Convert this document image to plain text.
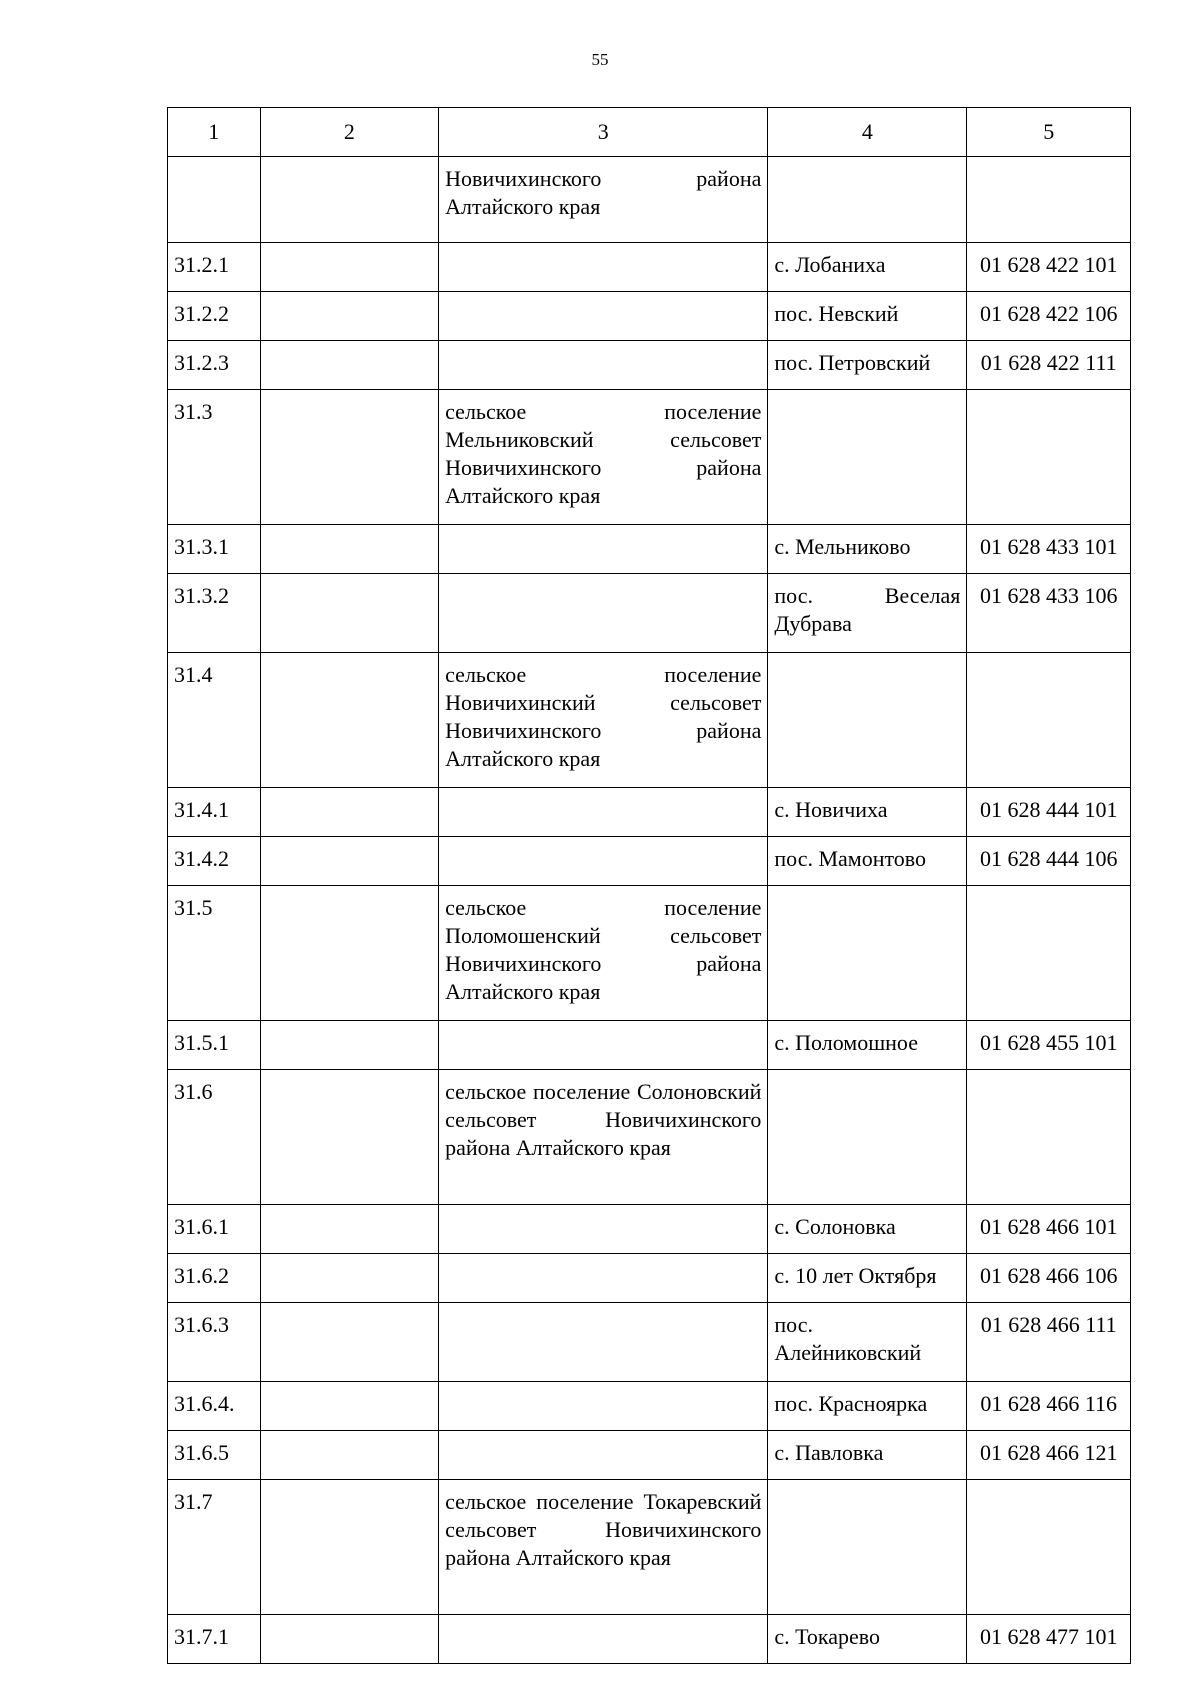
55
1	2	3	4	5
		Новичихинского района Алтайского края		
31.2.1			с. Лобаниха	01 628 422 101
31.2.2			пос. Невский	01 628 422 106
31.2.3			пос. Петровский	01 628 422 111
31.3		сельское поселение Мельниковский сельсовет Новичихинского района Алтайского края		
31.3.1			с. Мельниково	01 628 433 101
31.3.2			пос. Веселая Дубрава	01 628 433 106
31.4		сельское поселение Новичихинский сельсовет Новичихинского района Алтайского края		
31.4.1			с. Новичиха	01 628 444 101
31.4.2			пос. Мамонтово	01 628 444 106
31.5		сельское поселение Поломошенский сельсовет Новичихинского района Алтайского края		
31.5.1			с. Поломошное	01 628 455 101
31.6		сельское поселение Солоновский сельсовет Новичихинского района Алтайского края		
31.6.1			с. Солоновка	01 628 466 101
31.6.2			с. 10 лет Октября	01 628 466 106
31.6.3			пос. Алейниковский	01 628 466 111
31.6.4.			пос. Красноярка	01 628 466 116
31.6.5			с. Павловка	01 628 466 121
31.7		сельское поселение Токаревский сельсовет Новичихинского района Алтайского края		
31.7.1			с. Токарево	01 628 477 101
